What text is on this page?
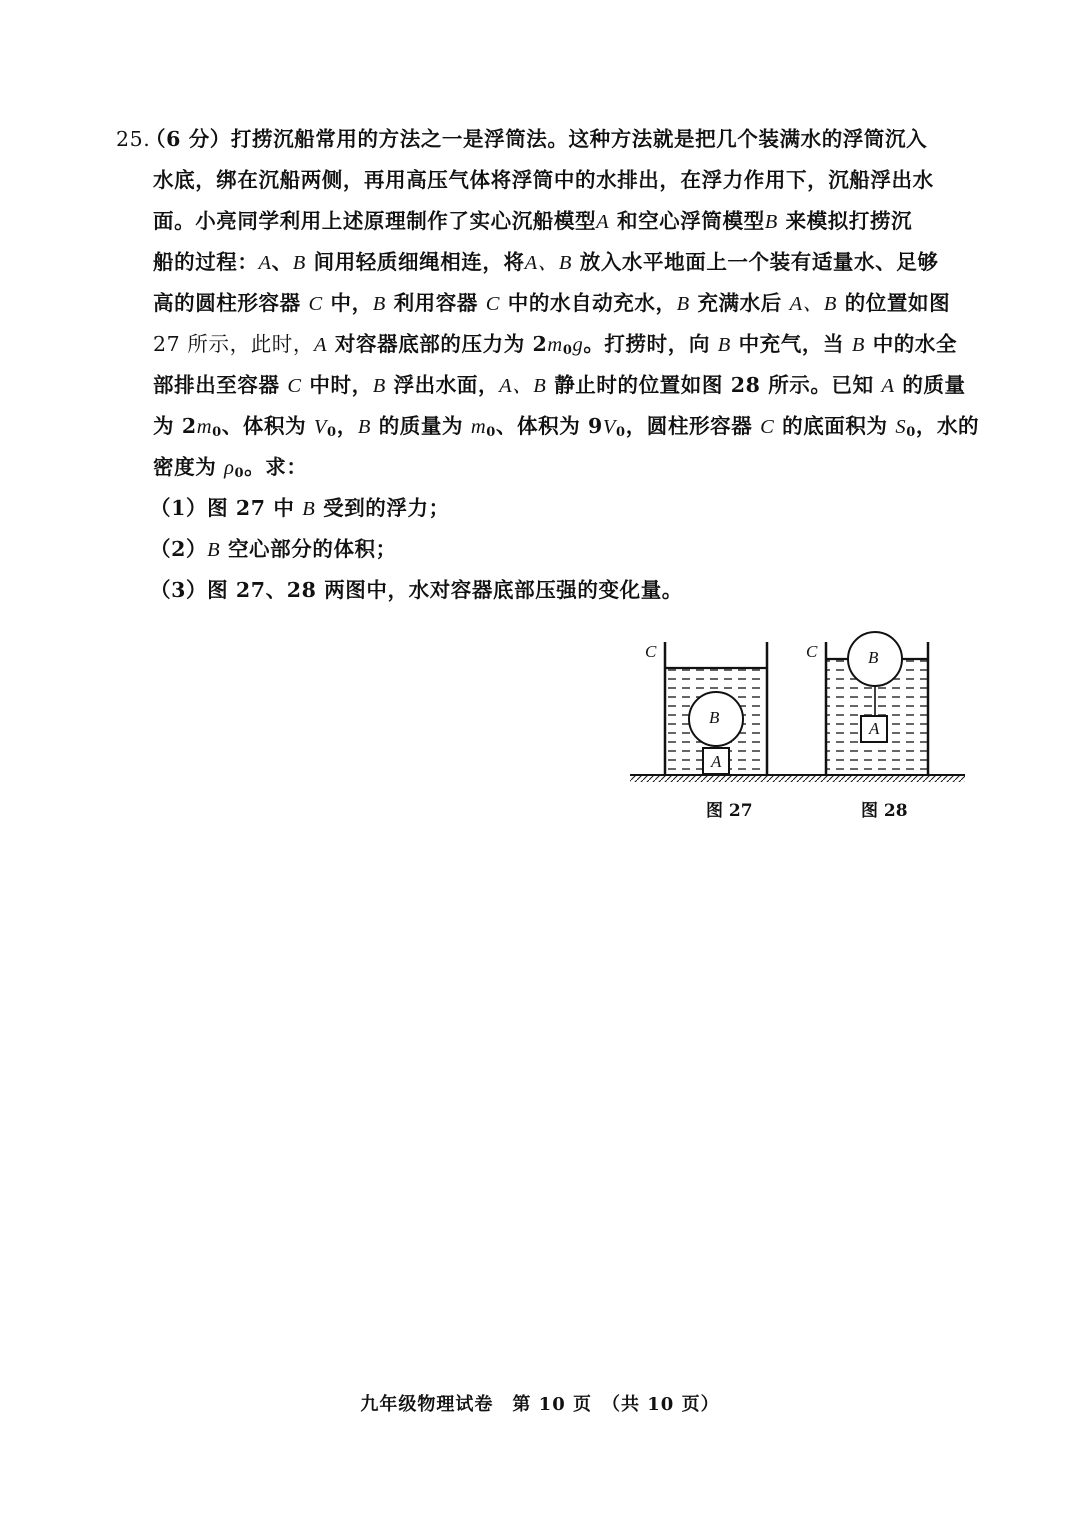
25.
（6 分）打捞沉船常用的方法之一是浮筒法。这种方法就是把几个装满水的浮筒沉入
水底，绑在沉船两侧，再用高压气体将浮筒中的水排出，在浮力作用下，沉船浮出水
面。小亮同学利用上述原理制作了实心沉船模型A 和空心浮筒模型B 来模拟打捞沉
船的过程：A、B 间用轻质细绳相连，将A、B 放入水平地面上一个装有适量水、足够
高的圆柱形容器 C 中，B 利用容器 C 中的水自动充水，B 充满水后 A、B 的位置如图
27 所示，此时，A 对容器底部的压力为 $2m_0g$。打捞时，向 B 中充气，当 B 中的水全
部排出至容器 C 中时，B 浮出水面，A、B 静止时的位置如图 28 所示。已知 A 的质量
为 $2m_0$、体积为 $V_0$，B 的质量为 $m_0$、体积为 $9V_0$，圆柱形容器 C 的底面积为 $S_0$，水的
密度为 $\rho_0$。求：
（1）图 27 中 B 受到的浮力；
（2）B 空心部分的体积；
（3）图 27、28 两图中，水对容器底部压强的变化量。
C
B
A
C	B
A
图 27	图 28
九年级物理试卷　第 10 页　（共 10 页）
